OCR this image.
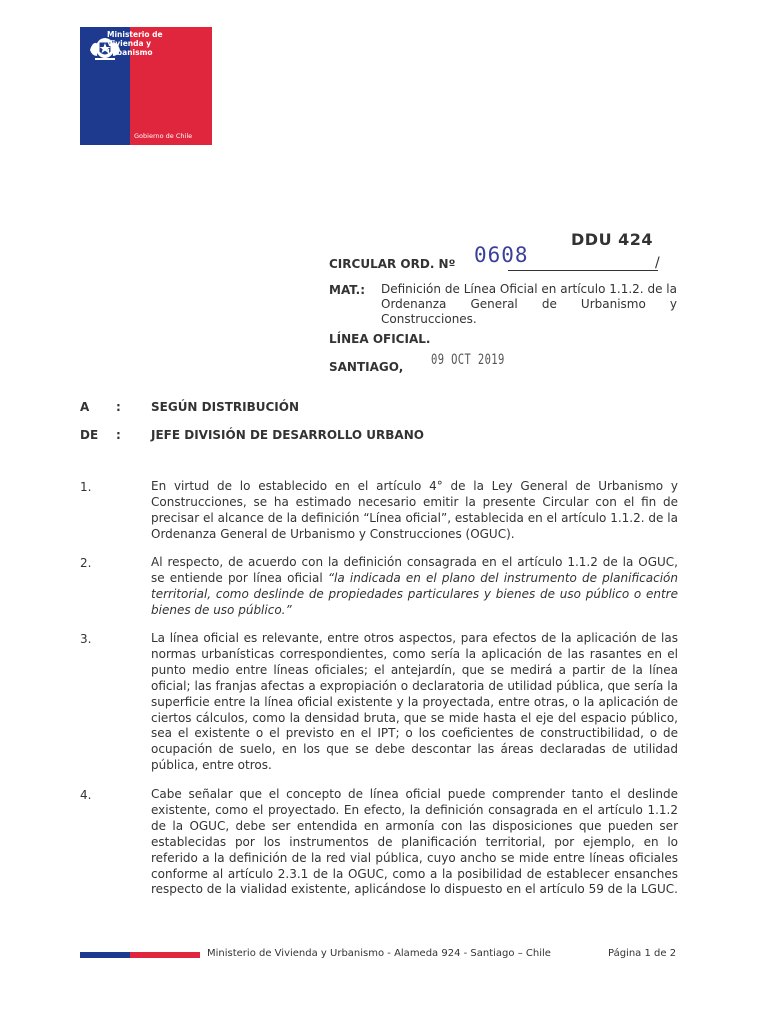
Ministerio de
Vivienda y
Urbanismo
Gobierno de Chile
DDU 424
CIRCULAR ORD. Nº 0608	/
MAT.: Definición de Línea Oficial en artículo 1.1.2. de la Ordenanza General de Urbanismo y Construcciones.
LÍNEA OFICIAL.
SANTIAGO, 09 OCT 2019
A :	SEGÚN DISTRIBUCIÓN
DE :	JEFE DIVISIÓN DE DESARROLLO URBANO
1.	En virtud de lo establecido en el artículo 4° de la Ley General de Urbanismo y Construcciones, se ha estimado necesario emitir la presente Circular con el fin de precisar el alcance de la definición “Línea oficial”, establecida en el artículo 1.1.2. de la Ordenanza General de Urbanismo y Construcciones (OGUC).

2.	Al respecto, de acuerdo con la definición consagrada en el artículo 1.1.2 de la OGUC, se entiende por línea oficial “la indicada en el plano del instrumento de planificación territorial, como deslinde de propiedades particulares y bienes de uso público o entre bienes de uso público.”

3.	La línea oficial es relevante, entre otros aspectos, para efectos de la aplicación de las normas urbanísticas correspondientes, como sería la aplicación de las rasantes en el punto medio entre líneas oficiales; el antejardín, que se medirá a partir de la línea oficial; las franjas afectas a expropiación o declaratoria de utilidad pública, que sería la superficie entre la línea oficial existente y la proyectada, entre otras, o la aplicación de ciertos cálculos, como la densidad bruta, que se mide hasta el eje del espacio público, sea el existente o el previsto en el IPT; o los coeficientes de constructibilidad, o de ocupación de suelo, en los que se debe descontar las áreas declaradas de utilidad pública, entre otros.

4.	Cabe señalar que el concepto de línea oficial puede comprender tanto el deslinde existente, como el proyectado. En efecto, la definición consagrada en el artículo 1.1.2 de la OGUC, debe ser entendida en armonía con las disposiciones que pueden ser establecidas por los instrumentos de planificación territorial, por ejemplo, en lo referido a la definición de la red vial pública, cuyo ancho se mide entre líneas oficiales conforme al artículo 2.3.1 de la OGUC, como a la posibilidad de establecer ensanches respecto de la vialidad existente, aplicándose lo dispuesto en el artículo 59 de la LGUC.

Ministerio de Vivienda y Urbanismo - Alameda 924 - Santiago – Chile	Página 1 de 2
